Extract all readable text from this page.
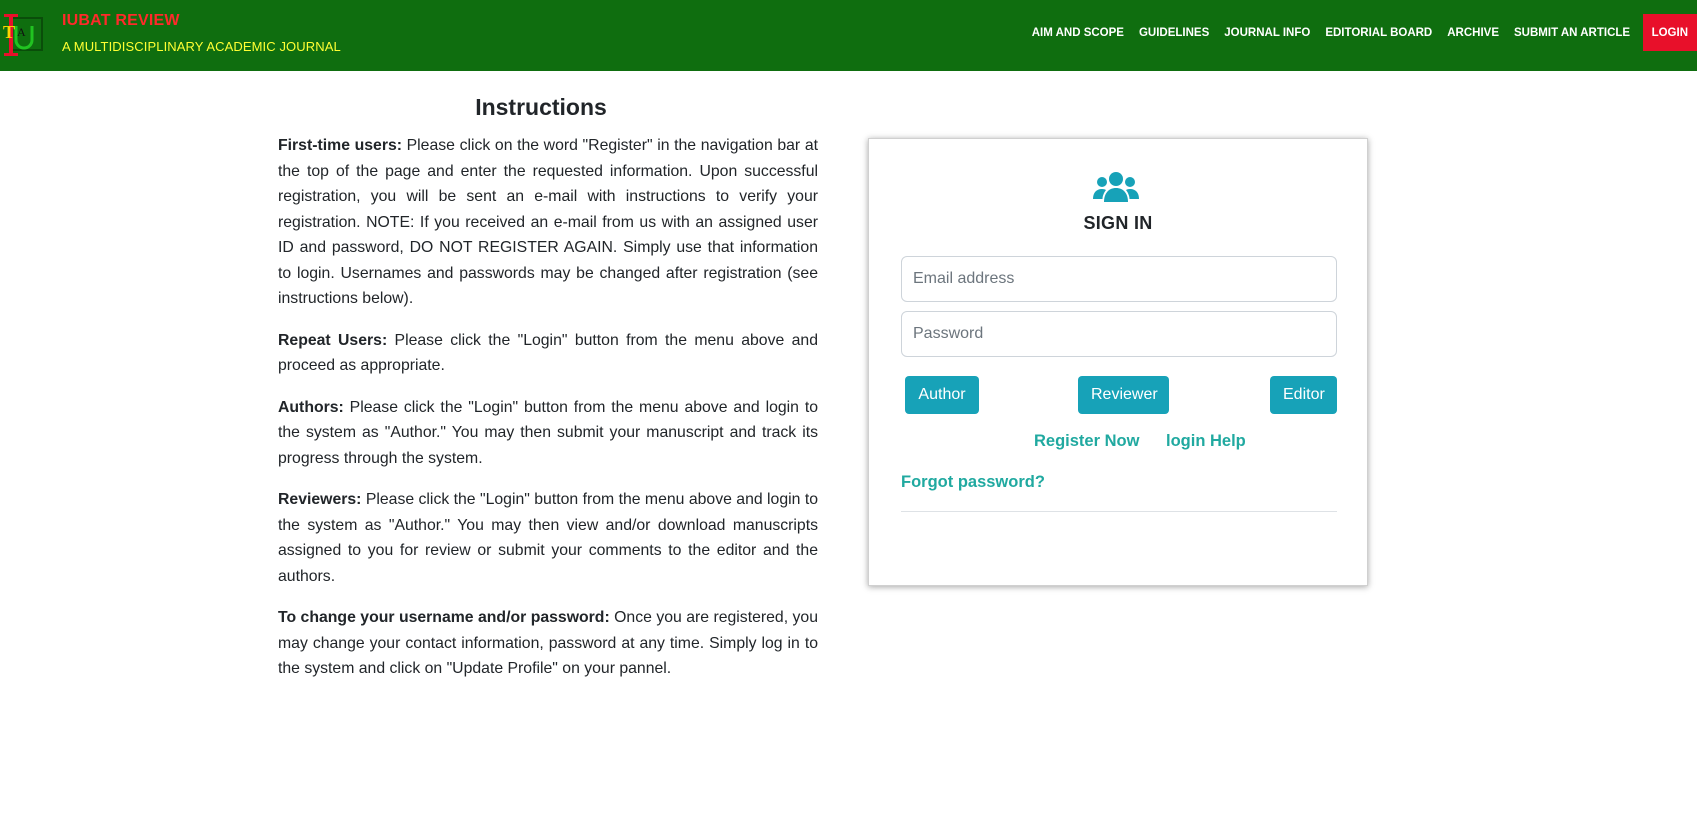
T A
IUBAT REVIEW
A MULTIDISCIPLINARY ACADEMIC JOURNAL
AIM AND SCOPE	GUIDELINES	JOURNAL INFO	EDITORIAL BOARD	ARCHIVE	SUBMIT AN ARTICLE	LOGIN
Instructions

First-time users: Please click on the word "Register" in the navigation bar at the top of the page and enter the requested information. Upon successful registration, you will be sent an e-mail with instructions to verify your registration. NOTE: If you received an e-mail from us with an assigned user ID and password, DO NOT REGISTER AGAIN. Simply use that information to login. Usernames and passwords may be changed after registration (see instructions below).

Repeat Users: Please click the "Login" button from the menu above and proceed as appropriate.

Authors: Please click the "Login" button from the menu above and login to the system as "Author." You may then submit your manuscript and track its progress through the system.

Reviewers: Please click the "Login" button from the menu above and login to the system as "Author." You may then view and/or download manuscripts assigned to you for review or submit your comments to the editor and the authors.

To change your username and/or password: Once you are registered, you may change your contact information, password at any time. Simply log in to the system and click on "Update Profile" on your pannel.

SIGN IN
Email address
Author	Reviewer	Editor
Register Now login Help
Forgot password?
